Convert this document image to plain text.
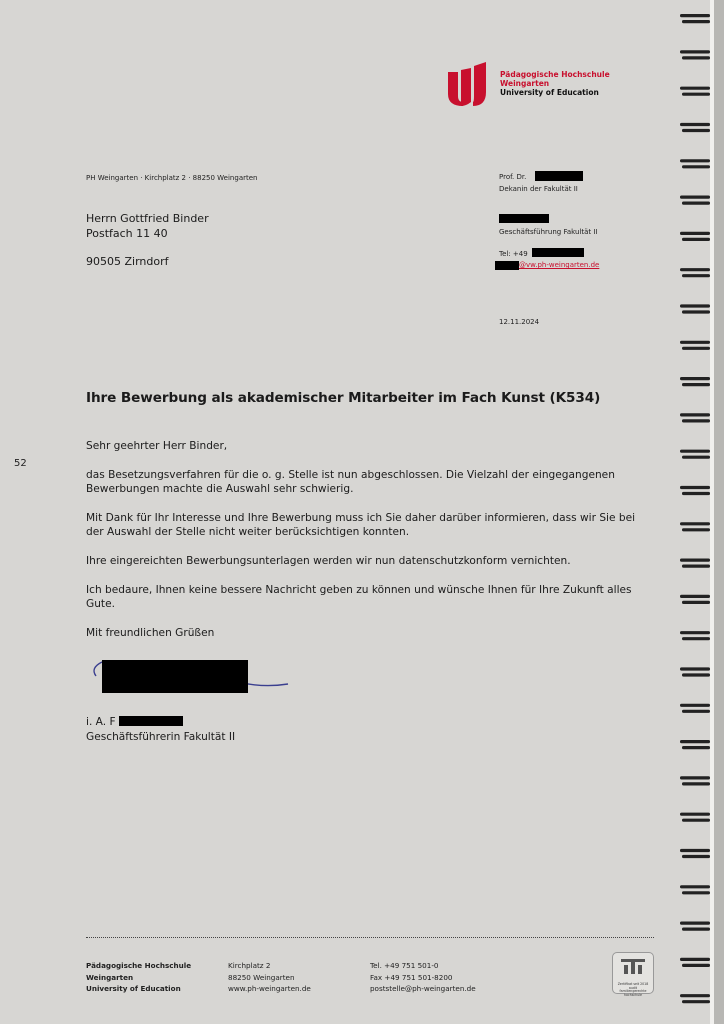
52
Pädagogische Hochschule
Weingarten
University of Education
PH Weingarten · Kirchplatz 2 · 88250 Weingarten
Herrn Gottfried Binder
Postfach 11 40
90505 Zirndorf
Prof. Dr.
Dekanin der Fakultät II
Geschäftsführung Fakultät II
Tel: +49
@vw.ph-weingarten.de
12.11.2024
Ihre Bewerbung als akademischer Mitarbeiter im Fach Kunst (K534)
Sehr geehrter Herr Binder,
das Besetzungsverfahren für die o. g. Stelle ist nun abgeschlossen. Die Vielzahl der eingegangenen Bewerbungen machte die Auswahl sehr schwierig.
Mit Dank für Ihr Interesse und Ihre Bewerbung muss ich Sie daher darüber informieren, dass wir Sie bei der Auswahl der Stelle nicht weiter berücksichtigen konnten.
Ihre eingereichten Bewerbungsunterlagen werden wir nun datenschutzkonform vernichten.
Ich bedaure, Ihnen keine bessere Nachricht geben zu können und wünsche Ihnen für Ihre Zukunft alles Gute.
Mit freundlichen Grüßen
i. A. F
Geschäftsführerin Fakultät II
Pädagogische Hochschule
Weingarten
University of Education
Kirchplatz 2
88250 Weingarten
www.ph-weingarten.de
Tel. +49 751 501-0
Fax +49 751 501-8200
poststelle@ph-weingarten.de	Zertifikat seit 2018 audit familiengerechte hochschule
